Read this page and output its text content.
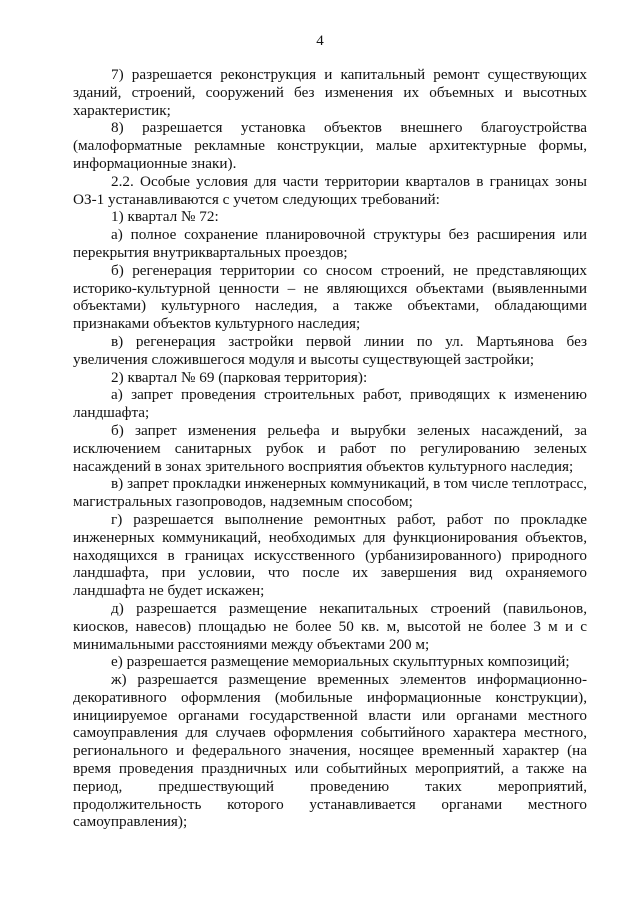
4

7) разрешается реконструкция и капитальный ремонт существующих зданий, строений, сооружений без изменения их объемных и высотных характеристик;

8) разрешается установка объектов внешнего благоустройства (малоформатные рекламные конструкции, малые архитектурные формы, информационные знаки).

2.2. Особые условия для части территории кварталов в границах зоны ОЗ-1 устанавливаются с учетом следующих требований:

1) квартал № 72:

а) полное сохранение планировочной структуры без расширения или перекрытия внутриквартальных проездов;

б) регенерация территории со сносом строений, не представляющих историко-культурной ценности – не являющихся объектами (выявленными объектами) культурного наследия, а также объектами, обладающими признаками объектов культурного наследия;

в) регенерация застройки первой линии по ул. Мартьянова без увеличения сложившегося модуля и высоты существующей застройки;

2) квартал № 69 (парковая территория):

а) запрет проведения строительных работ, приводящих к изменению ландшафта;

б) запрет изменения рельефа и вырубки зеленых насаждений, за исключением санитарных рубок и работ по регулированию зеленых насаждений в зонах зрительного восприятия объектов культурного наследия;

в) запрет прокладки инженерных коммуникаций, в том числе теплотрасс, магистральных газопроводов, надземным способом;

г) разрешается выполнение ремонтных работ, работ по прокладке инженерных коммуникаций, необходимых для функционирования объектов, находящихся в границах искусственного (урбанизированного) природного ландшафта, при условии, что после их завершения вид охраняемого ландшафта не будет искажен;

д) разрешается размещение некапитальных строений (павильонов, киосков, навесов) площадью не более 50 кв. м, высотой не более 3 м и с минимальными расстояниями между объектами 200 м;

е) разрешается размещение мемориальных скульптурных композиций;

ж) разрешается размещение временных элементов информационно-декоративного оформления (мобильные информационные конструкции), инициируемое органами государственной власти или органами местного самоуправления для случаев оформления событийного характера местного, регионального и федерального значения, носящее временный характер (на время проведения праздничных или событийных мероприятий, а также на период, предшествующий проведению таких мероприятий, продолжительность которого устанавливается органами местного самоуправления);
